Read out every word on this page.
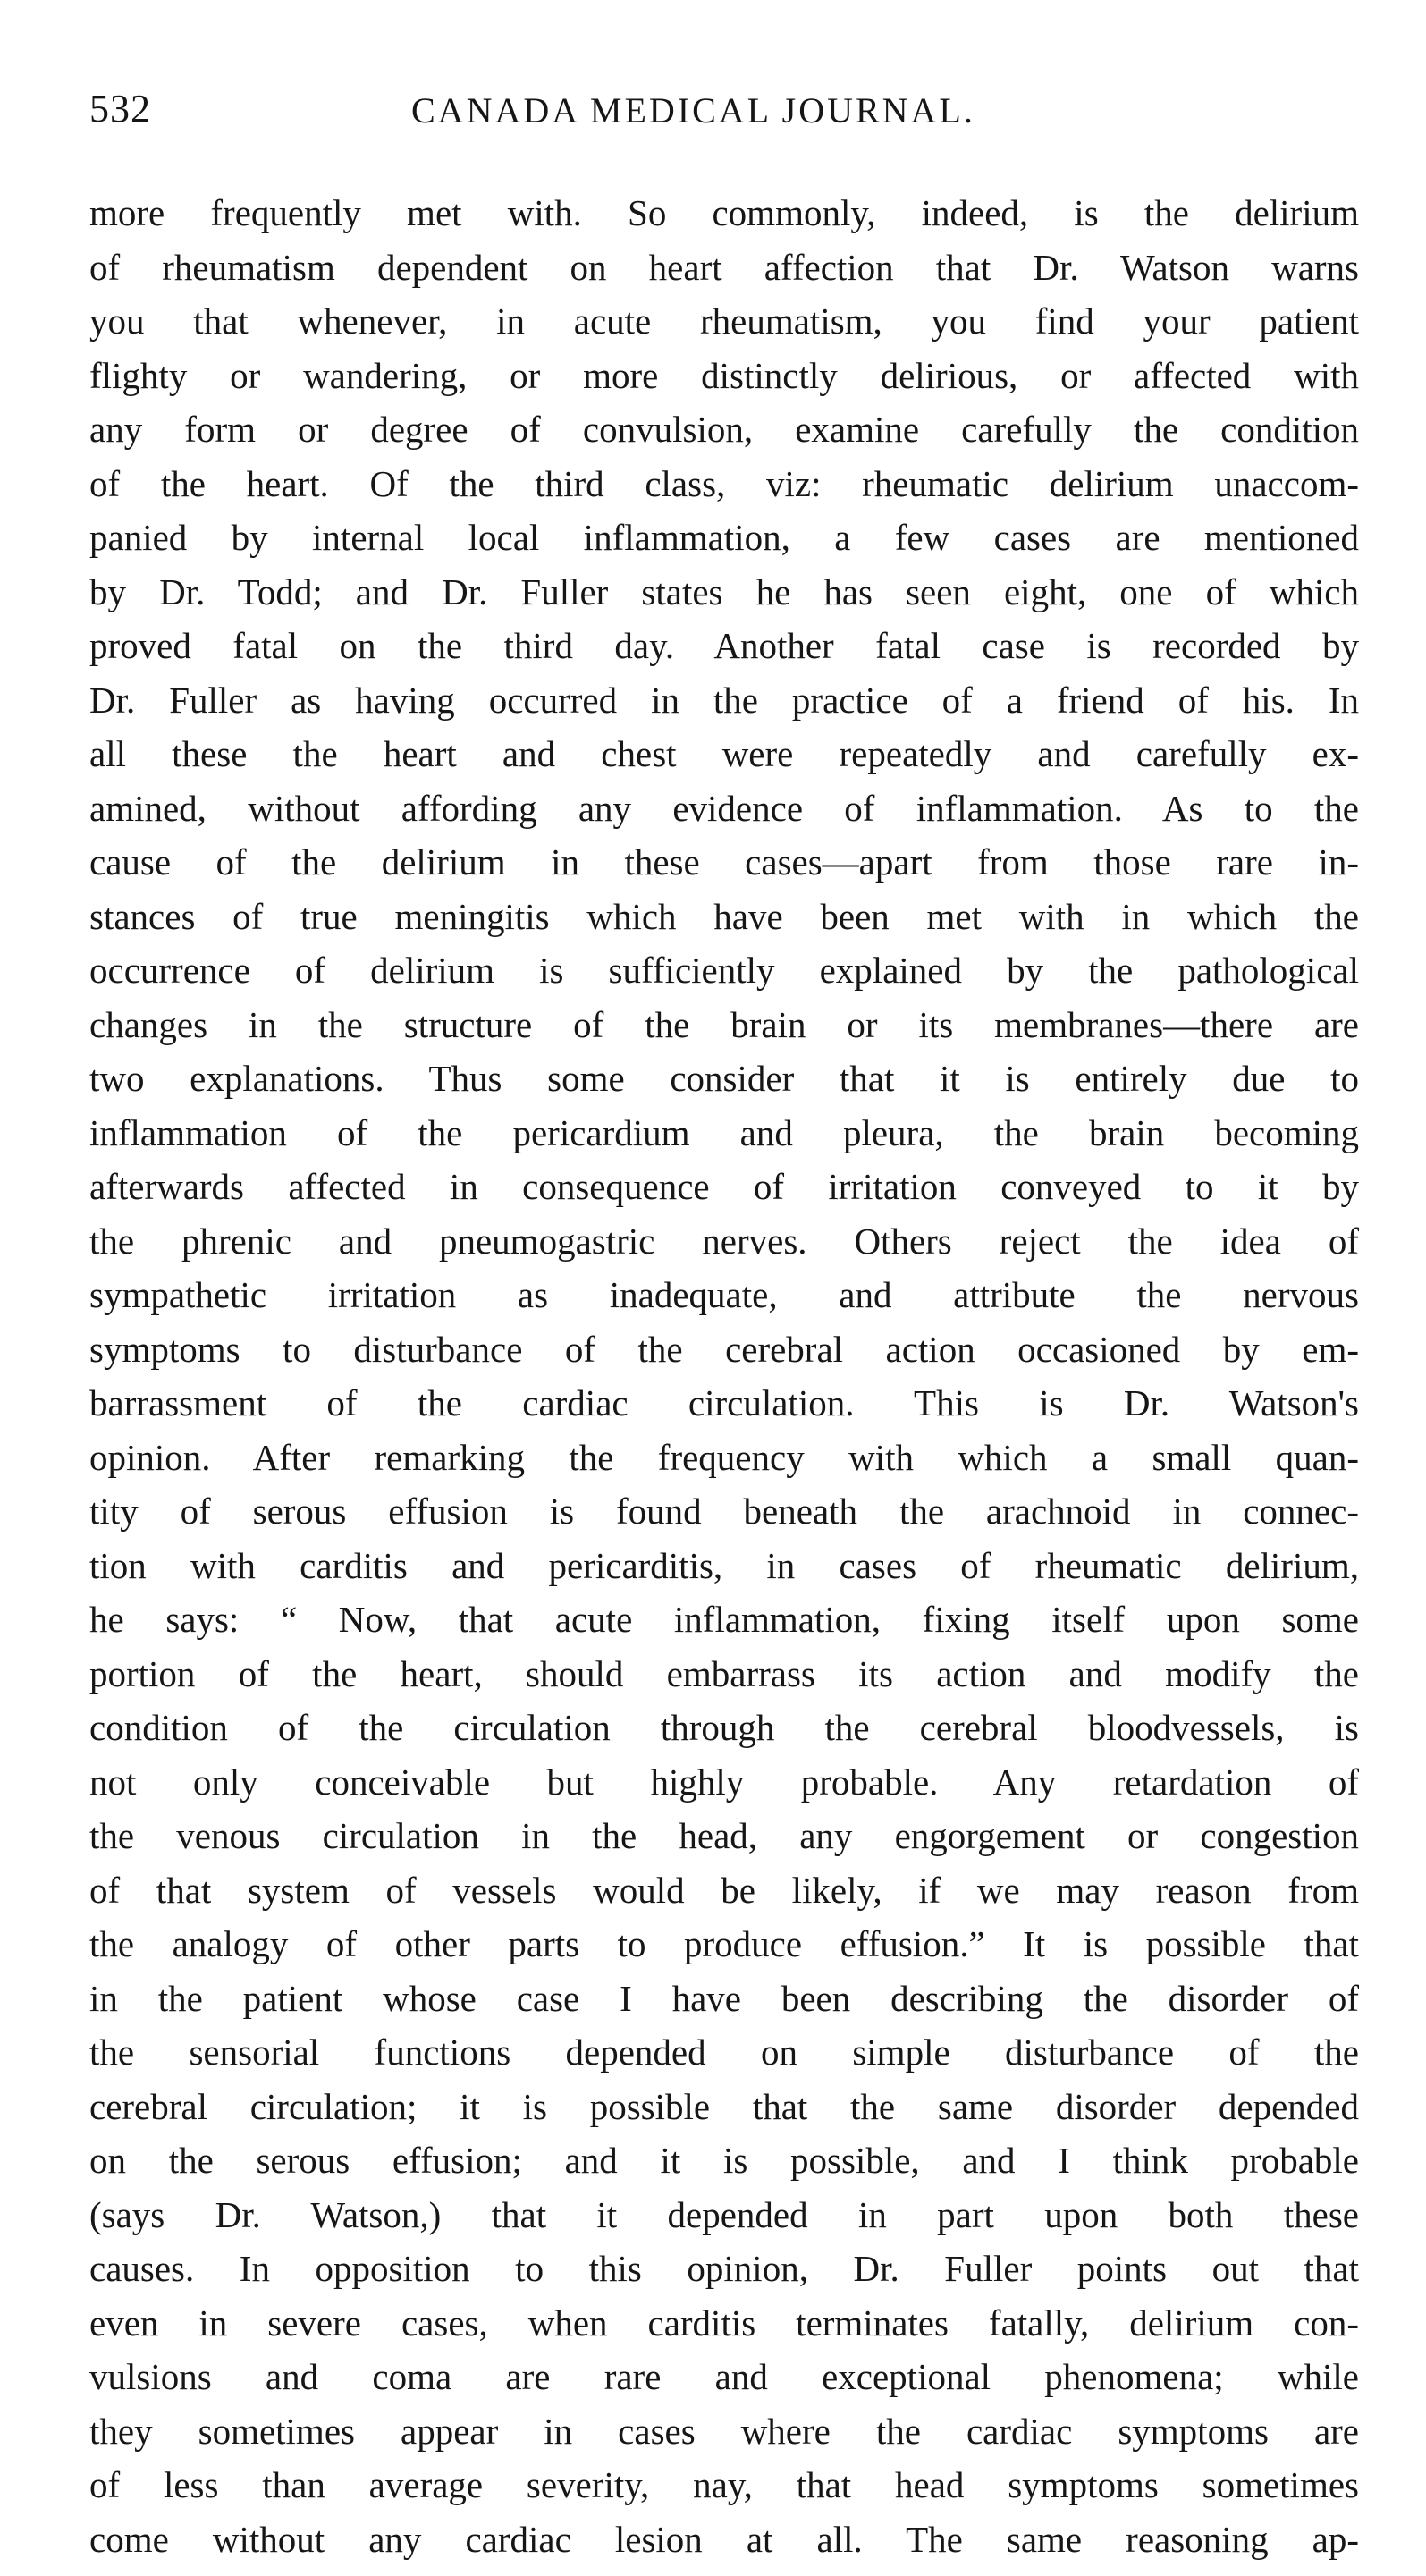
532	CANADA MEDICAL JOURNAL.
more frequently met with. So commonly, indeed, is the delirium
of rheumatism dependent on heart affection that Dr. Watson warns
you that whenever, in acute rheumatism, you find your patient
flighty or wandering, or more distinctly delirious, or affected with
any form or degree of convulsion, examine carefully the condition
of the heart. Of the third class, viz: rheumatic delirium unaccom-
panied by internal local inflammation, a few cases are mentioned
by Dr. Todd; and Dr. Fuller states he has seen eight, one of which
proved fatal on the third day. Another fatal case is recorded by
Dr. Fuller as having occurred in the practice of a friend of his. In
all these the heart and chest were repeatedly and carefully ex-
amined, without affording any evidence of inflammation. As to the
cause of the delirium in these cases—apart from those rare in-
stances of true meningitis which have been met with in which the
occurrence of delirium is sufficiently explained by the pathological
changes in the structure of the brain or its membranes—there are
two explanations. Thus some consider that it is entirely due to
inflammation of the pericardium and pleura, the brain becoming
afterwards affected in consequence of irritation conveyed to it by
the phrenic and pneumogastric nerves. Others reject the idea of
sympathetic irritation as inadequate, and attribute the nervous
symptoms to disturbance of the cerebral action occasioned by em-
barrassment of the cardiac circulation. This is Dr. Watson's
opinion. After remarking the frequency with which a small quan-
tity of serous effusion is found beneath the arachnoid in connec-
tion with carditis and pericarditis, in cases of rheumatic delirium,
he says: “ Now, that acute inflammation, fixing itself upon some
portion of the heart, should embarrass its action and modify the
condition of the circulation through the cerebral bloodvessels, is
not only conceivable but highly probable. Any retardation of
the venous circulation in the head, any engorgement or congestion
of that system of vessels would be likely, if we may reason from
the analogy of other parts to produce effusion.” It is possible that
in the patient whose case I have been describing the disorder of
the sensorial functions depended on simple disturbance of the
cerebral circulation; it is possible that the same disorder depended
on the serous effusion; and it is possible, and I think probable
(says Dr. Watson,) that it depended in part upon both these
causes. In opposition to this opinion, Dr. Fuller points out that
even in severe cases, when carditis terminates fatally, delirium con-
vulsions and coma are rare and exceptional phenomena; while
they sometimes appear in cases where the cardiac symptoms are
of less than average severity, nay, that head symptoms sometimes
come without any cardiac lesion at all. The same reasoning ap-
